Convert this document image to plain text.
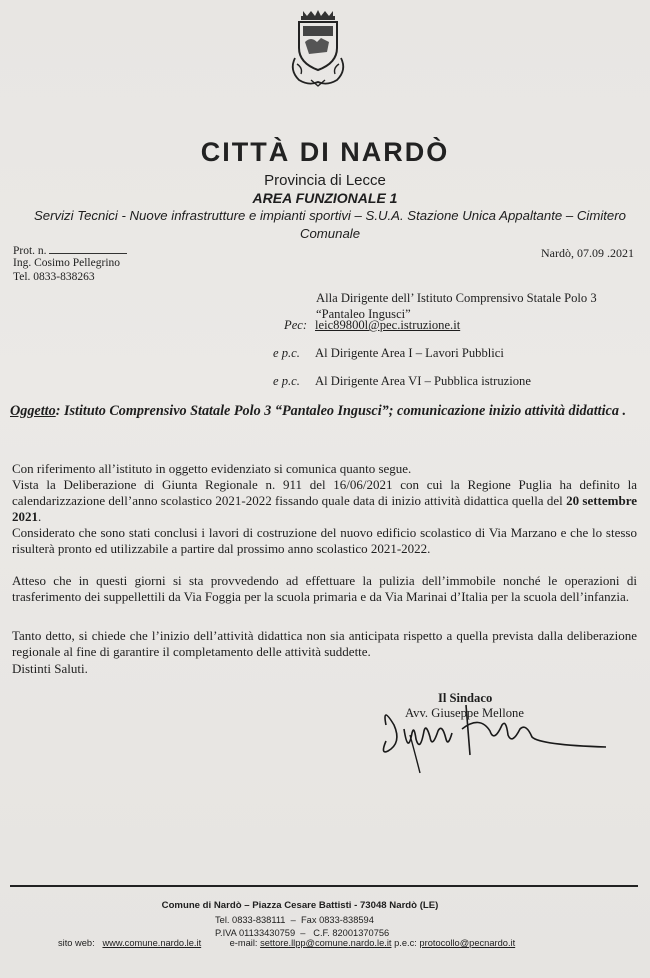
CITTÀ DI NARDÒ
Provincia di Lecce
AREA FUNZIONALE 1
Servizi Tecnici - Nuove infrastrutture e impianti sportivi – S.U.A. Stazione Unica Appaltante – Cimitero
Comunale
Prot. n.
Ing. Cosimo Pellegrino
Tel. 0833-838263
Nardò, 07.09 .2021
Alla Dirigente dell’ Istituto Comprensivo Statale Polo 3
“Pantaleo Ingusci”
Pec: leic89800l@pec.istruzione.it
e p.c. Al Dirigente Area I – Lavori Pubblici
e p.c. Al Dirigente Area VI – Pubblica istruzione
Oggetto: Istituto Comprensivo Statale Polo 3 “Pantaleo Ingusci”; comunicazione inizio attività didattica .
Con riferimento all’istituto in oggetto evidenziato si comunica quanto segue.
Vista la Deliberazione di Giunta Regionale n. 911 del 16/06/2021 con cui la Regione Puglia ha definito la calendarizzazione dell’anno scolastico 2021-2022 fissando quale data di inizio attività didattica quella del 20 settembre 2021.
Considerato che sono stati conclusi i lavori di costruzione del nuovo edificio scolastico di Via Marzano e che lo stesso risulterà pronto ed utilizzabile a partire dal prossimo anno scolastico 2021-2022.
Atteso che in questi giorni si sta provvedendo ad effettuare la pulizia dell’immobile nonché le operazioni di trasferimento dei suppellettili da Via Foggia per la scuola primaria e da Via Marinai d’Italia per la scuola dell’infanzia.
Tanto detto, si chiede che l’inizio dell’attività didattica non sia anticipata rispetto a quella prevista dalla deliberazione regionale al fine di garantire il completamento delle attività suddette.
Distinti Saluti.
Il Sindaco
Avv. Giuseppe Mellone
Comune di Nardò – Piazza Cesare Battisti - 73048 Nardò (LE)
Tel. 0833-838111  –  Fax 0833-838594
P.IVA 01133430759  –   C.F. 82001370756
sito web: www.comune.nardo.le.it	e-mail: settore.llpp@comune.nardo.le.it p.e.c: protocollo@pecnardo.it
